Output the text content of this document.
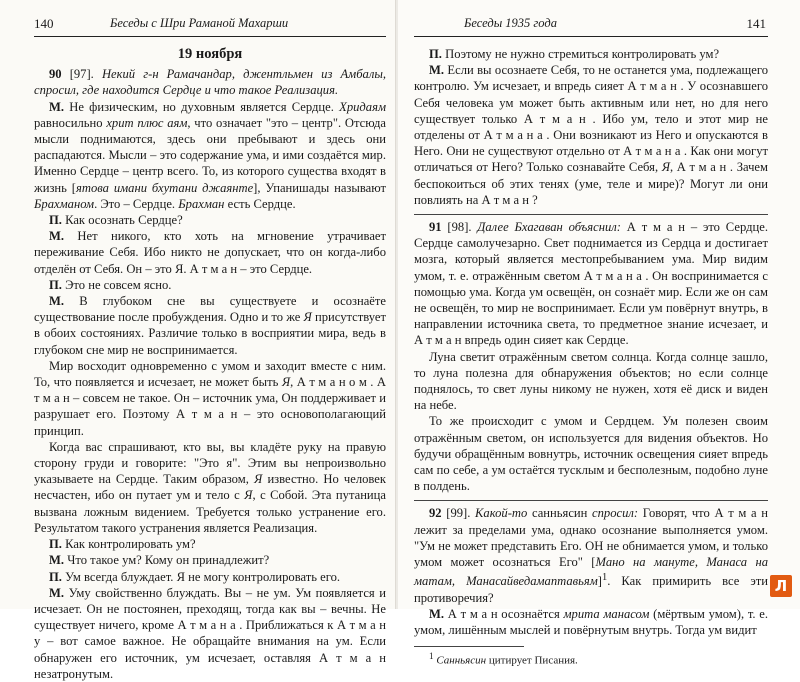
140	Беседы с Шри Раманой Махарши
19 ноября

90 [97]. Некий г-н Рамачандар, джентльмен из Амбалы, спросил, где находится Сердце и что такое Реализация.

М. Не физическим, но духовным является Сердце. Хридаям равносильно хрит плюс аям, что означает "это – центр". Отсюда мысли поднимаются, здесь они пребывают и здесь они распадаются. Мысли – это содержание ума, и ими создаётся мир. Именно Сердце – центр всего. То, из которого существа входят в жизнь [ятова имани бхутани джаянте], Упанишады называют Брахманом. Это – Сердце. Брахман есть Сердце.

П. Как осознать Сердце?

М. Нет никого, кто хоть на мгновение утрачивает переживание Себя. Ибо никто не допускает, что он когда-либо отделён от Себя. Он – это Я. А т м а н – это Сердце.

П. Это не совсем ясно.

М. В глубоком сне вы существуете и осознаёте существование после пробуждения. Одно и то же Я присутствует в обоих состояниях. Различие только в восприятии мира, ведь в глубоком сне мир не воспринимается.

Мир восходит одновременно с умом и заходит вместе с ним. То, что появляется и исчезает, не может быть Я, А т м а н о м . А т м а н – совсем не такое. Он – источник ума, Он поддерживает и разрушает его. Поэтому А т м а н – это основополагающий принцип.

Когда вас спрашивают, кто вы, вы кладёте руку на правую сторону груди и говорите: "Это я". Этим вы непроизвольно указываете на Сердце. Таким образом, Я известно. Но человек несчастен, ибо он путает ум и тело с Я, с Собой. Эта путаница вызвана ложным видением. Требуется только устранение его. Результатом такого устранения является Реализация.

П. Как контролировать ум?

М. Что такое ум? Кому он принадлежит?

П. Ум всегда блуждает. Я не могу контролировать его.

М. Уму свойственно блуждать. Вы – не ум. Ум появляется и исчезает. Он не постоянен, преходящ, тогда как вы – вечны. Не существует ничего, кроме А т м а н а . Приближаться к А т м а н у – вот самое важное. Не обращайте внимания на ум. Если обнаружен его источник, ум исчезает, оставляя А т м а н незатронутым.

Беседы 1935 года	141

П. Поэтому не нужно стремиться контролировать ум?

М. Если вы осознаете Себя, то не останется ума, подлежащего контролю. Ум исчезает, и впредь сияет А т м а н . У осознавшего Себя человека ум может быть активным или нет, но для него существует только А т м а н . Ибо ум, тело и этот мир не отделены от А т м а н а . Они возникают из Него и опускаются в Него. Они не существуют отдельно от А т м а н а . Как они могут отличаться от Него? Только сознавайте Себя, Я, А т м а н . Зачем беспокоиться об этих тенях (уме, теле и мире)? Могут ли они повлиять на А т м а н ?

91 [98]. Далее Бхагаван объяснил: А т м а н – это Сердце. Сердце самолучезарно. Свет поднимается из Сердца и достигает мозга, который является местопребыванием ума. Мир видим умом, т. е. отражённым светом А т м а н а . Он воспринимается с помощью ума. Когда ум освещён, он сознаёт мир. Если же он сам не освещён, то мир не воспринимает. Если ум повёрнут внутрь, в направлении источника света, то предметное знание исчезает, и А т м а н впредь один сияет как Сердце.

Луна светит отражённым светом солнца. Когда солнце зашло, то луна полезна для обнаружения объектов; но если солнце поднялось, то свет луны никому не нужен, хотя её диск и виден на небе.

То же происходит с умом и Сердцем. Ум полезен своим отражённым светом, он используется для видения объектов. Но будучи обращённым вовнутрь, источник освещения сияет впредь сам по себе, а ум остаётся тусклым и бесполезным, подобно луне в полдень.

92 [99]. Какой-то санньясин спросил: Говорят, что А т м а н лежит за пределами ума, однако осознание выполняется умом. "Ум не может представить Его. ОН не обнимается умом, и только умом может осознаться Его" [Мано на мануте, Манаса на матам, Манасайведамаптавьям]$^1$. Как примирить все эти противоречия?

М. А т м а н осознаётся мрита манасом (мёртвым умом), т. е. умом, лишённым мыслей и повёрнутым внутрь. Тогда ум видит

$^1$ Санньясин цитирует Писания.

Л
